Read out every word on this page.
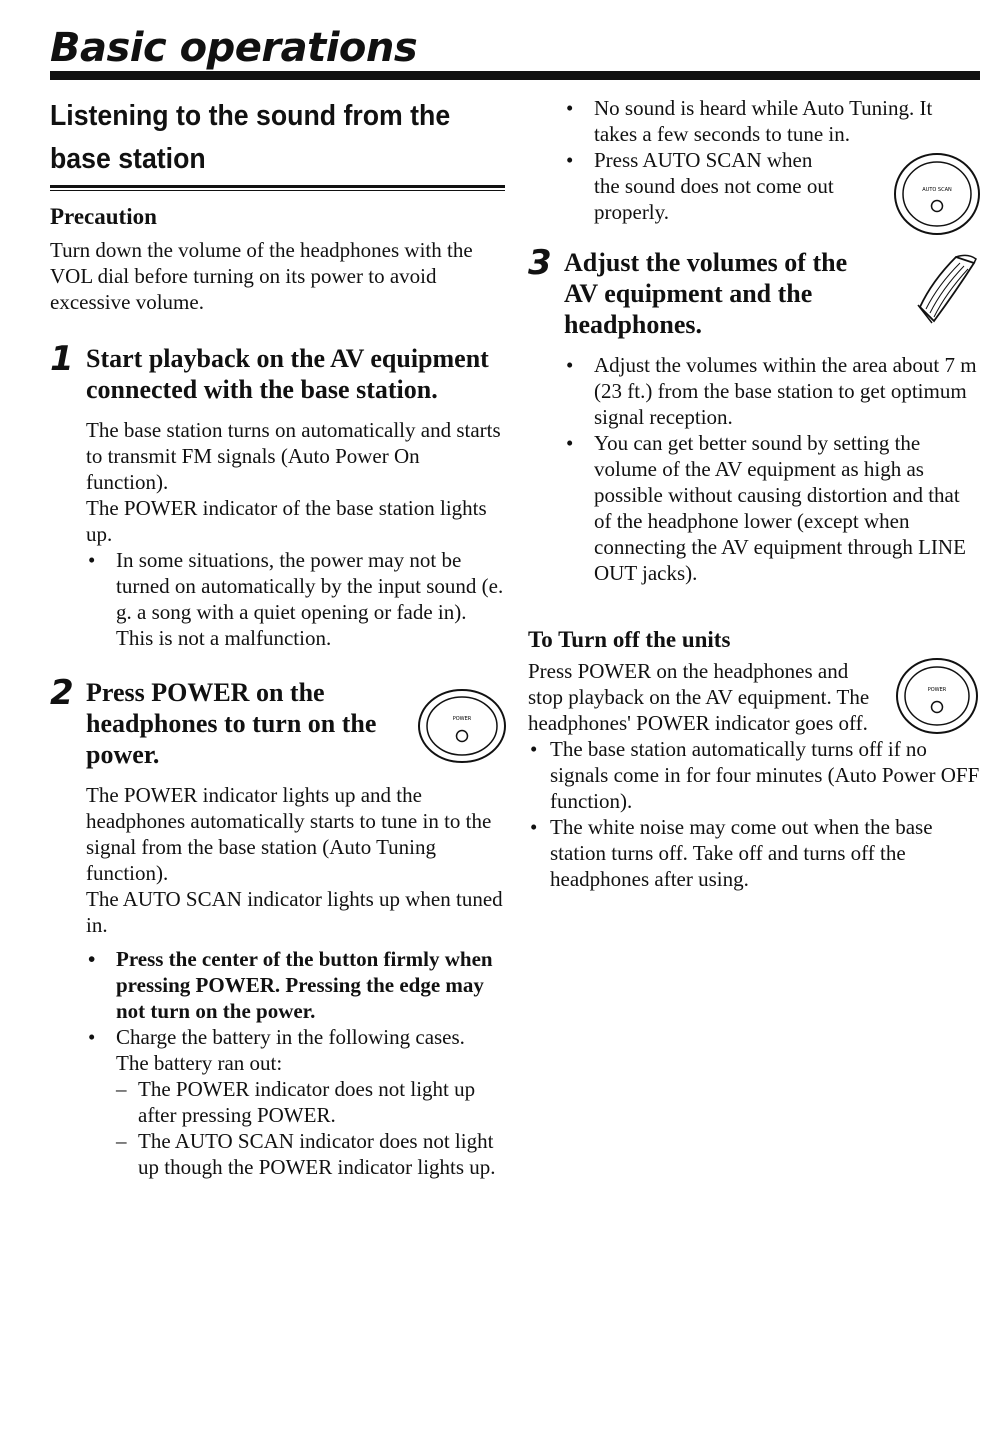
Basic operations
Listening to the sound from the base station
Precaution

Turn down the volume of the headphones with the VOL dial before turning on its power to avoid excessive volume.

1 Start playback on the AV equipment connected with the base station.

The base station turns on automatically and starts to transmit FM signals (Auto Power On function).

The POWER indicator of the base station lights up.

• In some situations, the power may not be turned on automatically by the input sound (e. g. a song with a quiet opening or fade in). This is not a malfunction.
2 Press POWER on the headphones to turn on the power.

POWER

The POWER indicator lights up and the headphones automatically starts to tune in to the signal from the base station (Auto Tuning function).

The AUTO SCAN indicator lights up when tuned in.

• Press the center of the button firmly when pressing POWER. Pressing the edge may not turn on the power.
• Charge the battery in the following cases.
The battery ran out:
– The POWER indicator does not light up after pressing POWER.
– The AUTO SCAN indicator does not light up though the POWER indicator lights up.
• No sound is heard while Auto Tuning. It takes a few seconds to tune in.
• Press AUTO SCAN when the sound does not come out properly.
AUTO SCAN
3 Adjust the volumes of the AV equipment and the headphones.

• Adjust the volumes within the area about 7 m (23 ft.) from the base station to get optimum signal reception.
• You can get better sound by setting the volume of the AV equipment as high as possible without causing distortion and that of the headphone lower (except when connecting the AV equipment through LINE OUT jacks).
To Turn off the units

Press POWER on the headphones and stop playback on the AV equipment. The headphones' POWER indicator goes off.

POWER
• The base station automatically turns off if no signals come in for four minutes (Auto Power OFF function).
• The white noise may come out when the base station turns off. Take off and turns off the headphones after using.
